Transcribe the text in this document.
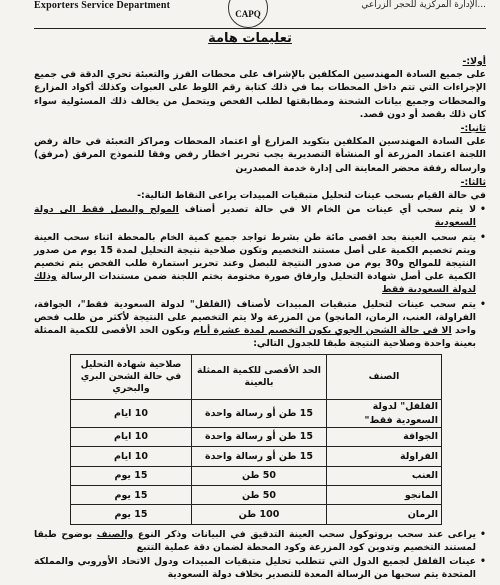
Exporters Service Department
CAPQ
...الإدارة المركزية للحجر الزراعي
تعليمات هامة

أولا:-

على جميع السادة المهندسين المكلفين بالإشراف على محطات الفرز والتعبئة تحري الدقة في جميع الإجراءات التي تتم داخل المحطات بما في ذلك كتابة رقم اللوط على العبوات وكذلك أكواد المزارع والمحطات وجميع بيانات الشحنة ومطابقتها لطلب الفحص ويتحمل من يخالف ذلك المسئولية سواء كان ذلك بقصد أو دون قصد.

ثانيا:-

على السادة المهندسين المكلفين بتكويد المزارع أو اعتماد المحطات ومراكز التعبئة في حالة رفض اللجنة اعتماد المزرعة أو المنشأة التصديرية يجب تحرير اخطار رفض وفقا للنموذج المرفق (مرفق) وارساله رفقة محضر المعاينة الى إدارة خدمة المصدرين

ثالثا:-

في حالة القيام بسحب عينات لتحليل متبقيات المبيدات يراعى النقاط التالية:-

• لا يتم سحب أي عينات من الخام الا في حالة تصدير أصناف المولح والبصل فقط الى دولة السعودية

• يتم سحب العينة بحد اقصى مائة طن بشرط تواجد جميع كمية الخام بالمحطة اثناء سحب العينة ويتم تخصيم الكمية على أصل مستند التخصيم وتكون صلاحية نتيجة التحليل لمدة 15 يوم من صدور النتيجة للموالح و30 يوم من صدور النتيجة للبصل وعند تحرير استمارة طلب الفحص يتم تخصيم الكمية على أصل شهادة التحليل وارفاق صورة مختومة بختم اللجنة ضمن مستندات الرسالة وذلك لدولة السعودية فقط

• يتم سحب عينات لتحليل متبقيات المبيدات لأصناف (الفلفل" لدولة السعودية فقط"، الجوافة، الفراولة، العنب، الرمان، المانجو) من المزرعة ولا يتم التخصيم على النتيجة لأكثر من طلب فحص واحد الا في حالة الشحن الجوي يكون التخصيم لمدة عشرة أيام ويكون الحد الأقصى للكمية الممثلة بعينة واحدة وصلاحية النتيجة طبقا للجدول التالي:

الصنف	الحد الأقصى للكمية الممثلة بالعينة	صلاحية شهادة التحليل في حالة الشحن البري والبحري
الفلفل" لدولة السعودية فقط"	15 طن أو رسالة واحدة	10 ايام
الجوافة	15 طن أو رسالة واحدة	10 ايام
الفراولة	15 طن أو رسالة واحدة	10 ايام
العنب	50 طن	15 يوم
المانجو	50 طن	15 يوم
الرمان	100 طن	15 يوم

• يراعى عند سحب بروتوكول سحب العينة التدقيق في البيانات وذكر النوع والصنف بوضوح طبقا لمستند التخصيم وتدوين كود المزرعة وكود المحطة لضمان دقة عملية التتبع

• عينات الفلفل لجميع الدول التي تتطلب تحليل متبقيات المبيدات ودول الاتحاد الأوروبي والمملكة المتحدة يتم سحبها من الرسالة المعدة للتصدير بخلاف دولة السعودية
